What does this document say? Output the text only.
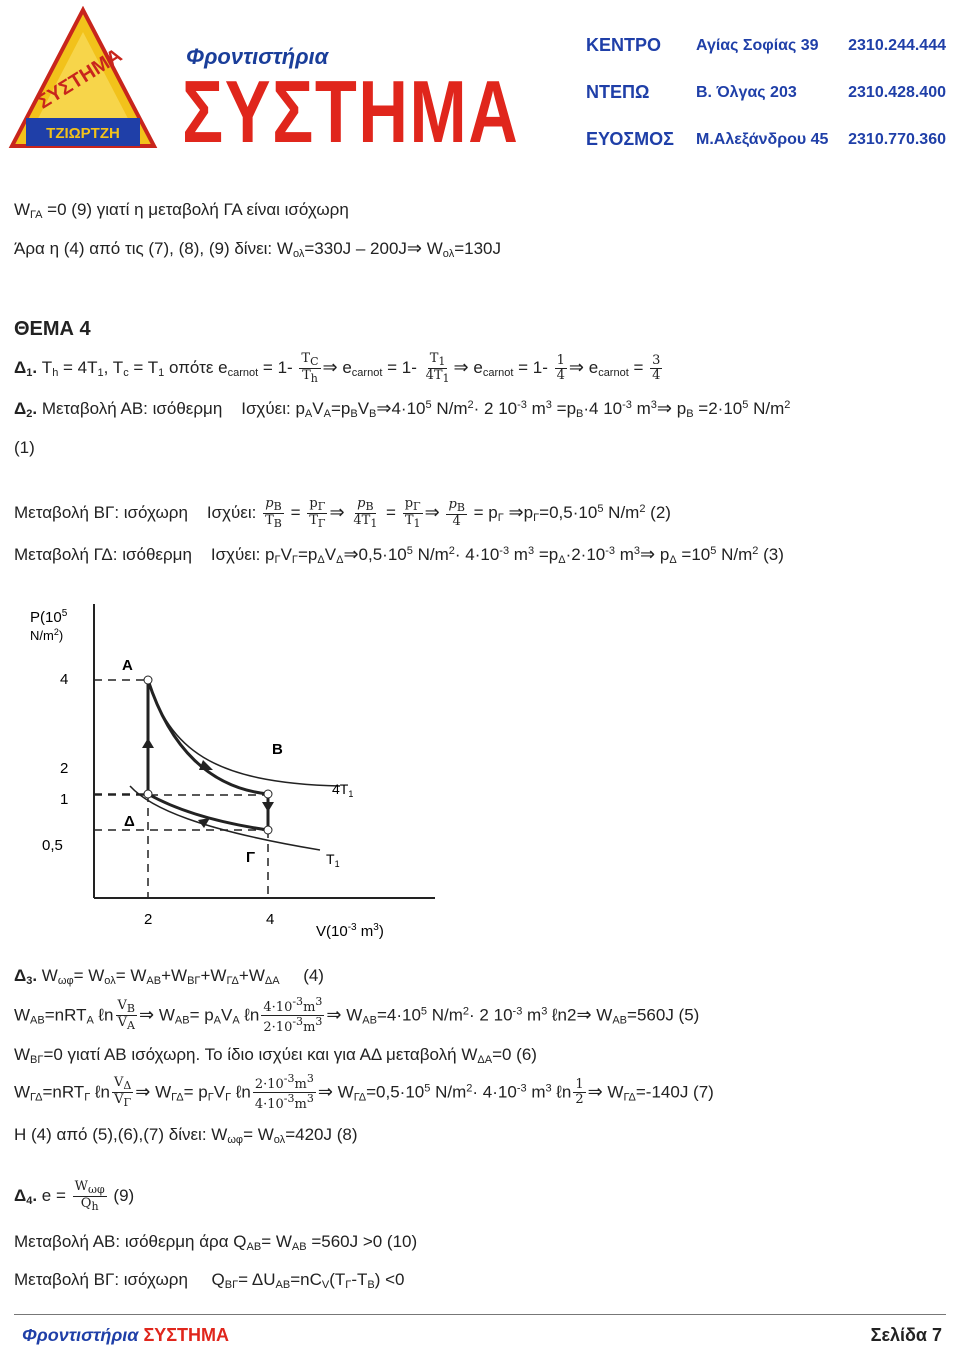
ΣΥΣΤΗΜΑ
ΤΖΙΩΡΤΖΗ
Φροντιστήρια
ΣΥΣΤΗΜΑ
ΚΕΝΤΡΟ	Αγίας Σοφίας 39	2310.244.444
ΝΤΕΠΩ	Β. Όλγας 203	2310.428.400
ΕΥΟΣΜΟΣ	Μ.Αλεξάνδρου 45	2310.770.360
$W_{\Gamma A} =0$ (9) γιατί η μεταβολή ΓΑ είναι ισόχωρη
Άρα η (4) από τις (7), (8), (9) δίνει: $W_{o\lambda}=330J$ – 200J⇒ $W_{o\lambda}=130J$
ΘΕΜΑ 4
$\Delta_1$. $T_h = 4T_1$, $T_c = T_1$ οπότε $e_{carnot} = 1- \frac{T_C}{T_h}$ ⇒ $e_{carnot} = 1- \frac{T_1}{4T_1}$ ⇒ $e_{carnot} = 1- \frac{1}{4}$ ⇒ $e_{carnot} = \frac{3}{4}$
$\Delta_2$. Μεταβολή ΑΒ: ισόθερμη Ισχύει: $p_AV_A=p_BV_B\Rightarrow 4\cdot 10^5$ $N/m^2\cdot 2$ $10^{-3}$ $m^3 =p_B\cdot 4$ $10^{-3}$ $m^3\Rightarrow$ $p_B =2\cdot 10^5$ $N/m^2$
(1)
Μεταβολή ΒΓ: ισόχωρη Ισχύει: $\frac{p_B}{T_B} = \frac{p_\Gamma}{T_\Gamma}$ ⇒ $\frac{p_B}{4T_1} = \frac{p_\Gamma}{T_1}$ ⇒ $\frac{p_B}{4} = p_\Gamma$ $\Rightarrow p_\Gamma=0,5\cdot 10^5$ $N/m^2$ (2)
Μεταβολή ΓΔ: ισόθερμη    Ισχύει: $p_\Gamma V_\Gamma=p_\Delta V_\Delta\Rightarrow 0,5\cdot 10^5$ $N/m^2\cdot 4\cdot 10^{-3}$ $m^3 =p_\Delta\cdot 2\cdot 10^{-3}$ $m^3\Rightarrow$ $p_\Delta =10^5$ $N/m^2$ (3)
$P(10^5$
$N/m^2$)
4
2
1
0,5
2	4
$V(10^{-3}$ $m^3$)
A
B
Γ
Δ
$4T_1$
$T_1$
$\Delta_3$. $W_{\omega\varphi}= W_{o\lambda}= W_{AB}+W_{B\Gamma}+W_{\Gamma\Delta}+W_{\Delta A}$ (4)
$W_{AB}=nRT_A$ ℓn $\frac{V_B}{V_A}$ ⇒ $W_{AB}= p_AV_A$ ℓn $\frac{4\cdot 10^{-3}m^3}{2\cdot 10^{-3}m^3}$ ⇒ $W_{AB}=4\cdot 10^5$ $N/m^2\cdot 2$ $10^{-3}$ $m^3$ ℓn2⇒ $W_{AB}=560J$ (5)
$W_{B\Gamma}=0$ γιατί ΑΒ ισόχωρη. Το ίδιο ισχύει και για ΑΔ μεταβολή $W_{\Delta A}=0$ (6)
$W_{\Gamma\Delta}=nRT_\Gamma$ ℓn $\frac{V_\Delta}{V_\Gamma}$ ⇒ $W_{\Gamma\Delta}= p_\Gamma V_\Gamma$ ℓn $\frac{2\cdot 10^{-3}m^3}{4\cdot 10^{-3}m^3}$ ⇒ $W_{\Gamma\Delta}=0,5\cdot 10^5$ $N/m^2\cdot 4\cdot 10^{-3}$ $m^3$ ℓn $\frac{1}{2}$ ⇒ $W_{\Gamma\Delta}=-140J$ (7)
Η (4) από (5),(6),(7) δίνει: $W_{\omega\varphi}= W_{o\lambda}=420J$ (8)
$\Delta_4$. $e = \frac{W_{\omega\varphi}}{Q_h} (9)$
Μεταβολή ΑΒ: ισόθερμη άρα $Q_{AB}= W_{AB} =560J >0$ (10)
Μεταβολή ΒΓ: ισόχωρη     $Q_{B\Gamma}= \Delta U_{AB}=nC_V(T_\Gamma-T_B) <0$
Φροντιστήρια ΣΥΣΤΗΜΑ	Σελίδα 7
